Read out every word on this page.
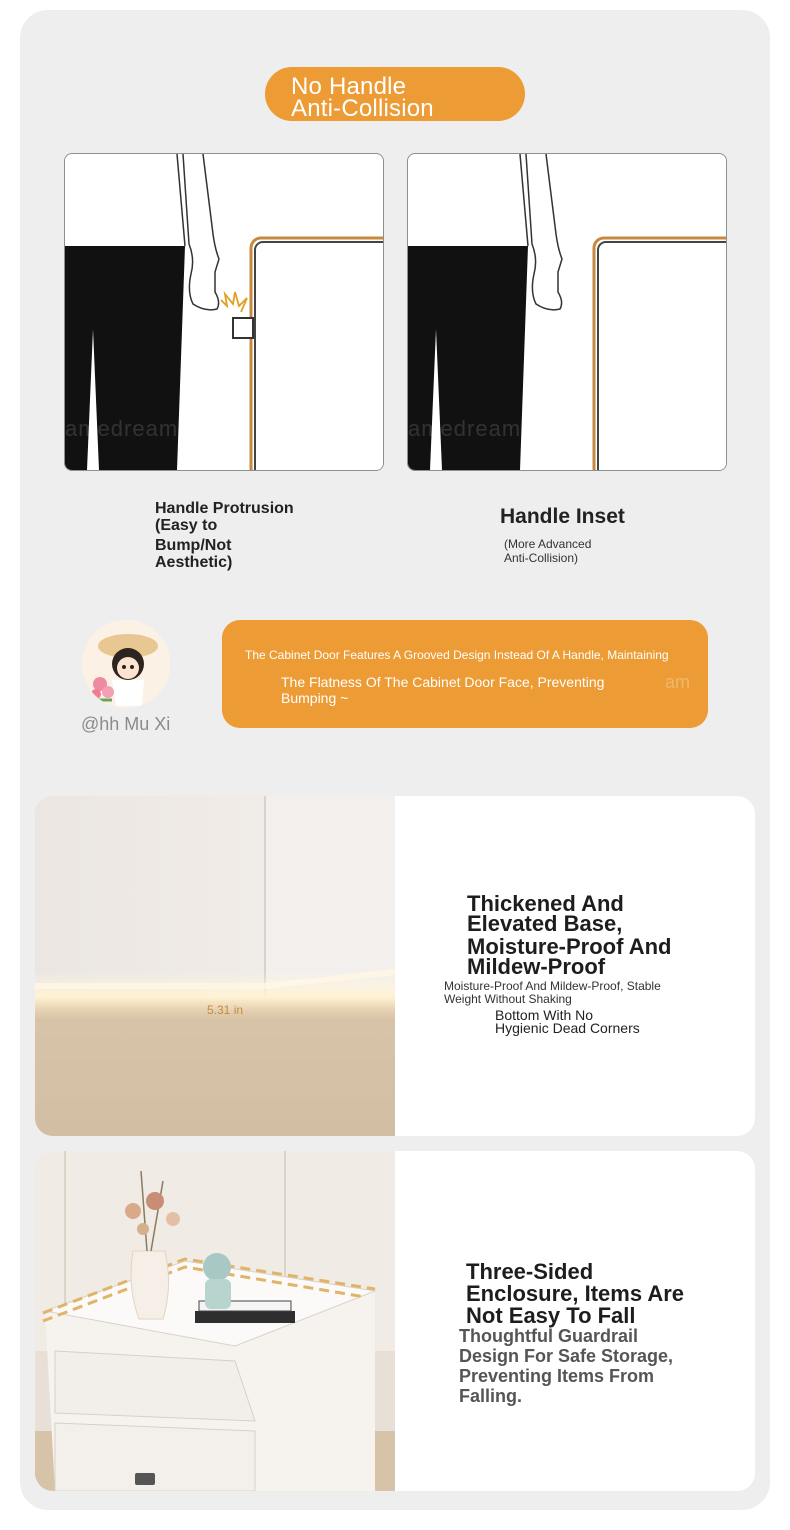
No Handle
Anti-Collision
amedream	amedream
Handle Protrusion
(Easy to
Bump/Not
Aesthetic)
Handle Inset
(More Advanced
Anti-Collision)
@hh Mu Xi
The Cabinet Door Features A Grooved Design Instead Of A Handle, Maintaining
The Flatness Of The Cabinet Door Face, Preventing Bumping ~
am
5.31 in
Thickened And
Elevated Base,
Moisture-Proof And
Mildew-Proof
Moisture-Proof And Mildew-Proof, Stable
Weight Without Shaking
Bottom With No
Hygienic Dead Corners
Three-Sided
Enclosure, Items Are
Not Easy To Fall
Thoughtful Guardrail
Design For Safe Storage,
Preventing Items From
Falling.
